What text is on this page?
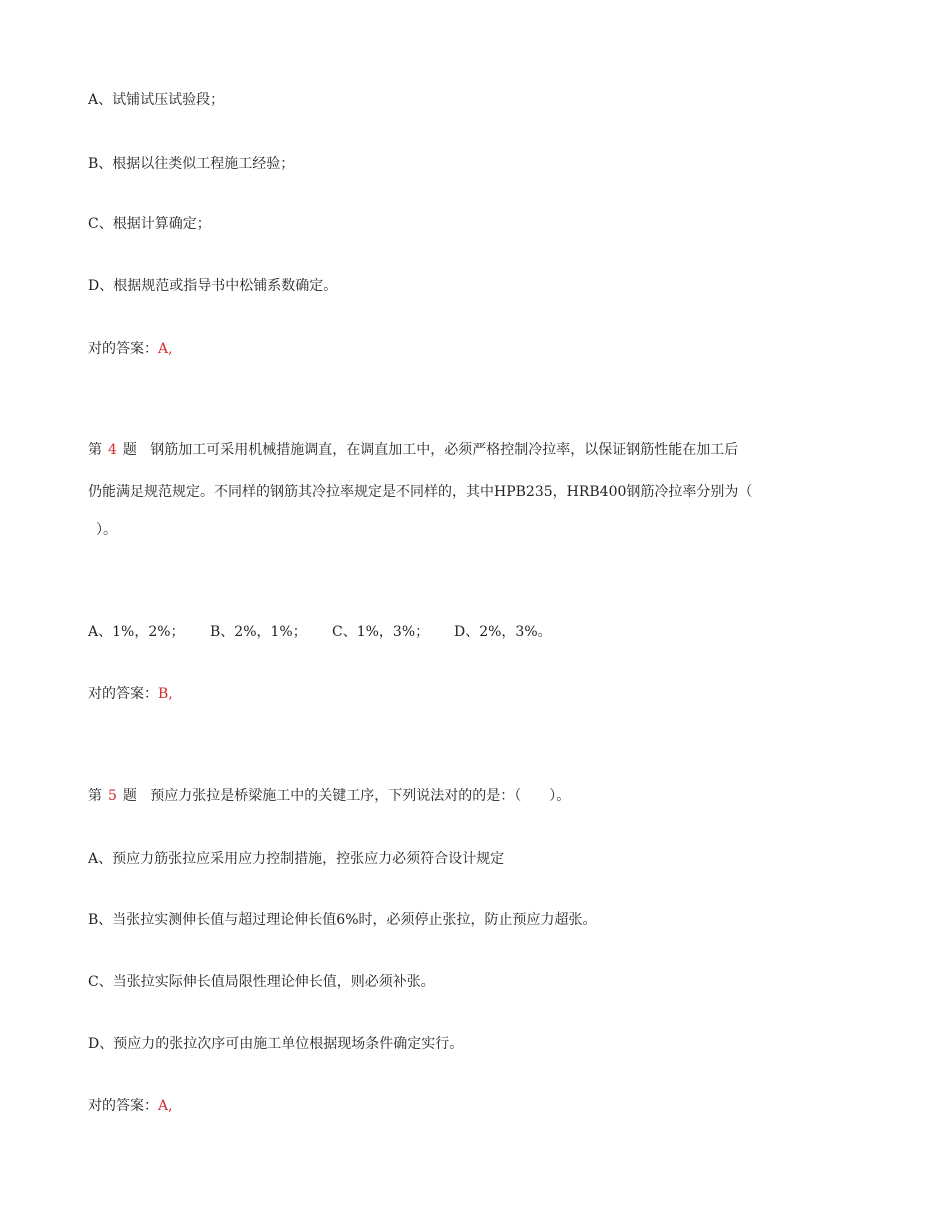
A、试铺试压试验段；
B、根据以往类似工程施工经验；
C、根据计算确定；
D、根据规范或指导书中松铺系数确定。
对的答案：A,
第 4 题 钢筋加工可采用机械措施调直，在调直加工中，必须严格控制冷拉率，以保证钢筋性能在加工后
仍能满足规范规定。不同样的钢筋其冷拉率规定是不同样的，其中HPB235，HRB400钢筋冷拉率分别为（
）。
A、1%，2%； B、2%，1%； C、1%，3%； D、2%，3%。
对的答案：B,
第 5 题 预应力张拉是桥梁施工中的关键工序，下列说法对的的是：（　　）。
A、预应力筋张拉应采用应力控制措施，控张应力必须符合设计规定
B、当张拉实测伸长值与超过理论伸长值6%时，必须停止张拉，防止预应力超张。
C、当张拉实际伸长值局限性理论伸长值，则必须补张。
D、预应力的张拉次序可由施工单位根据现场条件确定实行。
对的答案：A,
